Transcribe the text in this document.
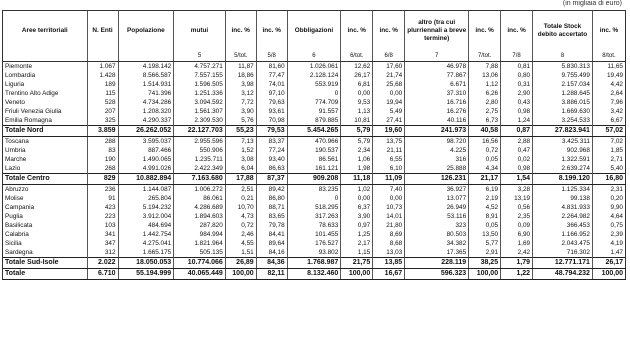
(in migliaia di euro)
Aree territoriali	N. Enti	Popolazione	mutui	inc. %	inc. %	Obbligazioni	inc. %	inc. %	altro (tra cui plurriennali a breve termine)	inc. %	inc. %	Totale Stock debito accertato	inc. %
			5	5/tot.	5/8	6	6/tot.	6/8	7	7/tot.	7/8	8	8/tot.
Piemonte	1.067	4.198.142	4.757.271	11,87	81,60	1.026.061	12,62	17,60	46.978	7,88	0,81	5.830.313	11,65
Lombardia	1.428	8.566.587	7.557.155	18,86	77,47	2.128.124	26,17	21,74	77.867	13,06	0,80	9.755.499	19,49
Liguria	189	1.514.931	1.596.505	3,98	74,01	553.919	6,81	25,68	6.671	1,12	0,31	2.157.034	4,42
Trentino Alto Adige	115	741.396	1.251.336	3,12	97,10	0	0,00	0,00	37.310	6,26	2,90	1.288.645	2,64
Veneto	528	4.734.286	3.094.592	7,72	79,63	774.709	9,53	19,94	16.716	2,80	0,43	3.886.015	7,96
Friuli Venezia Giulia	207	1.208.320	1.561.307	3,90	93,61	91.557	1,13	5,49	16.276	2,75	0,98	1.669.630	3,42
Emilia Romagna	325	4.290.337	2.309.530	5,76	70,98	879.885	10,81	27,41	40.116	6,73	1,24	3.254.533	6,67
Totale Nord	3.859	26.262.052	22.127.703	55,23	79,53	5.454.265	5,79	19,60	241.973	40,58	0,87	27.823.941	57,02
Toscana	288	3.595.037	2.955.596	7,13	83,37	470.966	5,79	13,75	98.720	16,56	2,88	3.425.311	7,02
Umbria	83	887.466	550.906	1,52	77,24	190.537	2,34	21,11	4.225	0,72	0,47	902.968	1,85
Marche	190	1.490.065	1.235.711	3,08	93,40	86.561	1,06	6,55	316	0,05	0,02	1.322.591	2,71
Lazio	268	4.991.026	2.422.349	6,04	86,63	161.121	1,98	6,10	25.888	4,34	0,98	2.639.274	5,40
Totale Centro	829	10.882.894	7.163.680	17,88	87,37	909.208	11,18	11,09	126.231	21,17	1,54	8.199.120	16,80
Abruzzo	236	1.144.087	1.006.272	2,51	89,42	83.235	1,02	7,40	36.927	6,19	3,28	1.125.334	2,31
Molise	91	265.804	86.061	0,21	86,80	0	0,00	0,00	13.077	2,19	13,19	99.138	0,20
Campania	423	5.194.232	4.286.689	10,70	88,71	518.295	6,37	10,73	26.949	4,52	0,56	4.831.933	9,90
Puglia	223	3.912.004	1.894.603	4,73	83,65	317.263	3,90	14,01	53.116	8,91	2,35	2.264.982	4,64
Basilicata	103	484.694	287.820	0,72	79,78	78.633	0,97	21,80	323	0,05	0,09	366.453	0,75
Calabria	341	1.442.754	984.994	2,46	84,41	101.455	1,25	8,69	80.503	13,50	6,90	1.166.952	2,39
Sicilia	347	4.275.041	1.821.964	4,55	89,64	176.527	2,17	8,68	34.382	5,77	1,69	2.043.475	4,19
Sardegna	312	1.665.175	505.135	1,51	84,16	93.802	1,15	13,03	17.365	2,91	2,42	716.302	1,47
Totale Sud-Isole	2.022	18.050.053	10.774.066	26,89	84,36	1.768.987	21,75	13,85	228.119	38,25	1,79	12.771.171	26,17
Totale	6.710	55.194.999	40.065.449	100,00	82,11	8.132.460	100,00	16,67	596.323	100,00	1,22	48.794.232	100,00
